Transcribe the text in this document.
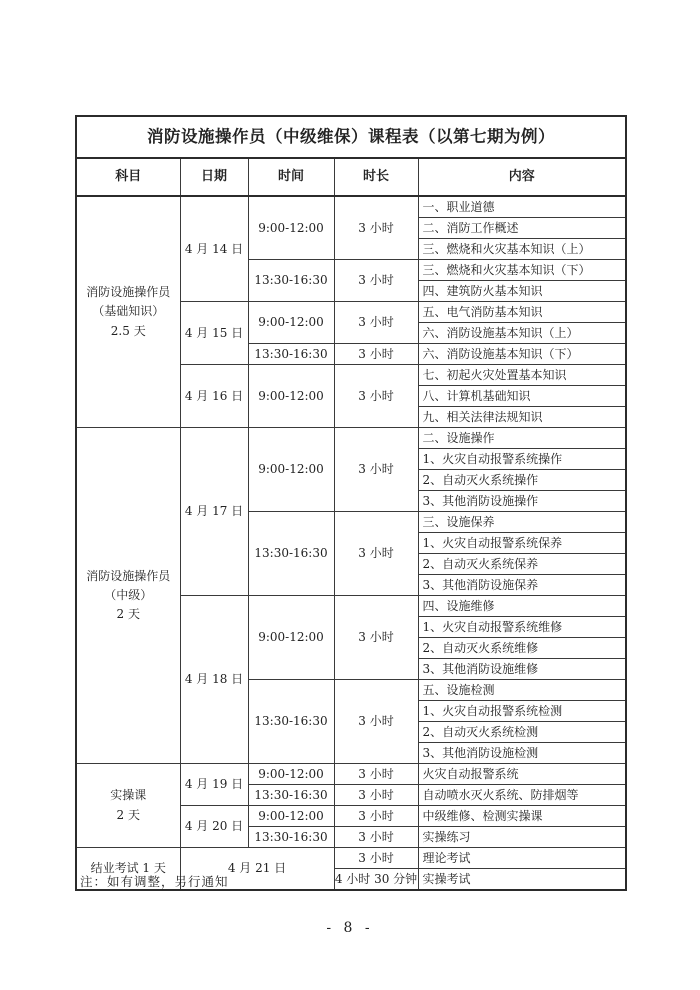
消防设施操作员（中级维保）课程表（以第七期为例）				
科目	日期	时间	时长	内容

消防设施操作员
（基础知识）
2.5 天	4 月 14 日	9:00-12:00	3 小时	一、职业道德
				二、消防工作概述
				三、燃烧和火灾基本知识（上）
		13:30-16:30	3 小时	三、燃烧和火灾基本知识（下）
				四、建筑防火基本知识
	4 月 15 日	9:00-12:00	3 小时	五、电气消防基本知识
				六、消防设施基本知识（上）
		13:30-16:30	3 小时	六、消防设施基本知识（下）
	4 月 16 日	9:00-12:00	3 小时	七、初起火灾处置基本知识
				八、计算机基础知识
				九、相关法律法规知识

消防设施操作员
（中级）
2 天	4 月 17 日	9:00-12:00	3 小时	二、设施操作
				1、火灾自动报警系统操作
				2、自动灭火系统操作
				3、其他消防设施操作
		13:30-16:30	3 小时	三、设施保养
				1、火灾自动报警系统保养
				2、自动灭火系统保养
				3、其他消防设施保养
	4 月 18 日	9:00-12:00	3 小时	四、设施维修
				1、火灾自动报警系统维修
				2、自动灭火系统维修
				3、其他消防设施维修
		13:30-16:30	3 小时	五、设施检测
				1、火灾自动报警系统检测
				2、自动灭火系统检测
				3、其他消防设施检测

实操课
2 天	4 月 19 日	9:00-12:00	3 小时	火灾自动报警系统
		13:30-16:30	3 小时	自动喷水灭火系统、防排烟等
	4 月 20 日	9:00-12:00	3 小时	中级维修、检测实操课
		13:30-16:30	3 小时	实操练习
结业考试 1 天	4 月 21 日		3 小时	理论考试
			4 小时 30 分钟	实操考试
注：如有调整，另行通知
- 8 -
